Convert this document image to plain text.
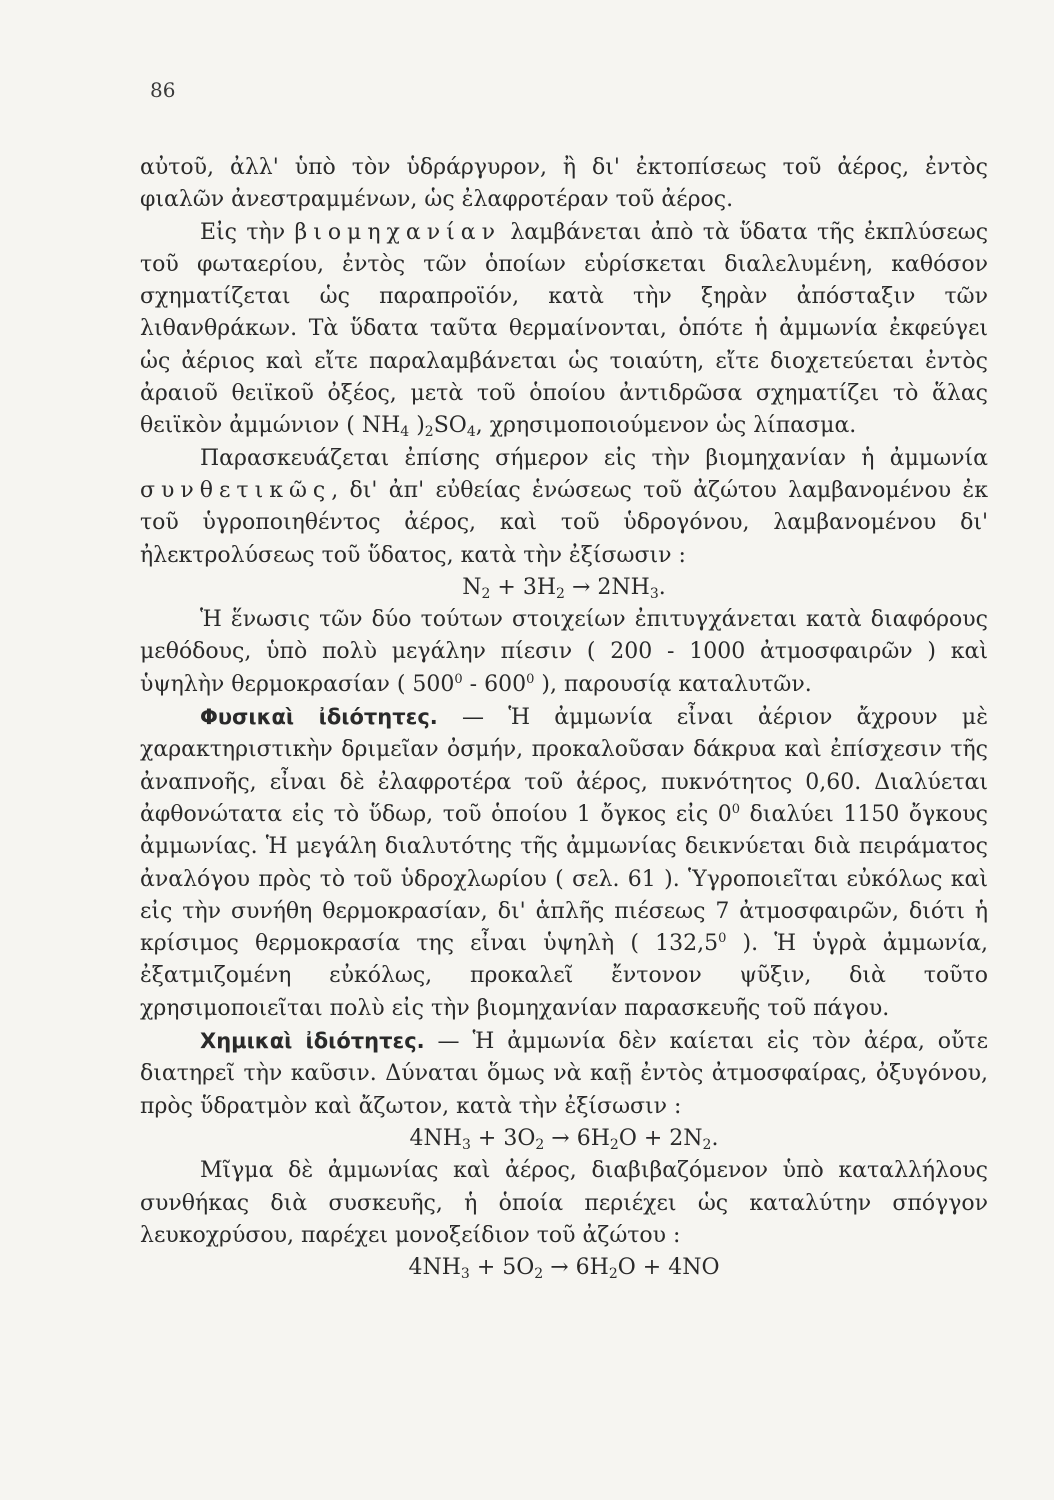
86

αὐτοῦ, ἀλλ' ὑπὸ τὸν ὑδράργυρον, ἢ δι' ἐκτοπίσεως τοῦ ἀέρος, ἐντὸς φιαλῶν ἀνεστραμμένων, ὡς ἐλαφροτέραν τοῦ ἀέρος.

Εἰς τὴν βιομηχανίαν λαμβάνεται ἀπὸ τὰ ὕδατα τῆς ἐκπλύσεως τοῦ φωταερίου, ἐντὸς τῶν ὁποίων εὑρίσκεται διαλελυμένη, καθόσον σχηματίζεται ὡς παραπροϊόν, κατὰ τὴν ξηρὰν ἀπόσταξιν τῶν λιθανθράκων. Τὰ ὕδατα ταῦτα θερμαίνονται, ὁπότε ἡ ἀμμωνία ἐκφεύγει ὡς ἀέριος καὶ εἴτε παραλαμβάνεται ὡς τοιαύτη, εἴτε διοχετεύεται ἐντὸς ἀραιοῦ θειϊκοῦ ὀξέος, μετὰ τοῦ ὁποίου ἀντιδρῶσα σχηματίζει τὸ ἅλας θειϊκὸν ἀμμώνιον ( $NH_4$ )$_2SO_4$, χρησιμοποιούμενον ὡς λίπασμα.

Παρασκευάζεται ἐπίσης σήμερον εἰς τὴν βιομηχανίαν ἡ ἀμμωνία συνθετικῶς, δι' ἀπ' εὐθείας ἑνώσεως τοῦ ἀζώτου λαμβανομένου ἐκ τοῦ ὑγροποιηθέντος ἀέρος, καὶ τοῦ ὑδρογόνου, λαμβανομένου δι' ἠλεκτρολύσεως τοῦ ὕδατος, κατὰ τὴν ἐξίσωσιν :

$N_2 + 3H_2 \to 2NH_3$.

Ἡ ἕνωσις τῶν δύο τούτων στοιχείων ἐπιτυγχάνεται κατὰ διαφόρους μεθόδους, ὑπὸ πολὺ μεγάλην πίεσιν ( 200 - 1000 ἀτμοσφαιρῶν ) καὶ ὑψηλὴν θερμοκρασίαν ( $500^0 - 600^0$ ), παρουσίᾳ καταλυτῶν.

Φυσικαὶ ἰδιότητες. — Ἡ ἀμμωνία εἶναι ἀέριον ἄχρουν μὲ χαρακτηριστικὴν δριμεῖαν ὀσμήν, προκαλοῦσαν δάκρυα καὶ ἐπίσχεσιν τῆς ἀναπνοῆς, εἶναι δὲ ἐλαφροτέρα τοῦ ἀέρος, πυκνότητος 0,60. Διαλύεται ἀφθονώτατα εἰς τὸ ὕδωρ, τοῦ ὁποίου 1 ὄγκος εἰς $0^0$ διαλύει 1150 ὄγκους ἀμμωνίας. Ἡ μεγάλη διαλυτότης τῆς ἀμμωνίας δεικνύεται διὰ πειράματος ἀναλόγου πρὸς τὸ τοῦ ὑδροχλωρίου ( σελ. 61 ). Ὑγροποιεῖται εὐκόλως καὶ εἰς τὴν συνήθη θερμοκρασίαν, δι' ἁπλῆς πιέσεως 7 ἀτμοσφαιρῶν, διότι ἡ κρίσιμος θερμοκρασία της εἶναι ὑψηλὴ ( 132,5$^0$ ). Ἡ ὑγρὰ ἀμμωνία, ἐξατμιζομένη εὐκόλως, προκαλεῖ ἔντονον ψῦξιν, διὰ τοῦτο χρησιμοποιεῖται πολὺ εἰς τὴν βιομηχανίαν παρασκευῆς τοῦ πάγου.

Χημικαὶ ἰδιότητες. — Ἡ ἀμμωνία δὲν καίεται εἰς τὸν ἀέρα, οὔτε διατηρεῖ τὴν καῦσιν. Δύναται ὅμως νὰ καῇ ἐντὸς ἀτμοσφαίρας, ὀξυγόνου, πρὸς ὕδρατμὸν καὶ ἄζωτον, κατὰ τὴν ἐξίσωσιν :

$4NH_3 + 3O_2 \to 6H_2O + 2N_2$.

Μῖγμα δὲ ἀμμωνίας καὶ ἀέρος, διαβιβαζόμενον ὑπὸ καταλλήλους συνθήκας διὰ συσκευῆς, ἡ ὁποία περιέχει ὡς καταλύτην σπόγγον λευκοχρύσου, παρέχει μονοξείδιον τοῦ ἀζώτου :

$4NH_3 + 5O_2 \to 6H_2O + 4NO$
